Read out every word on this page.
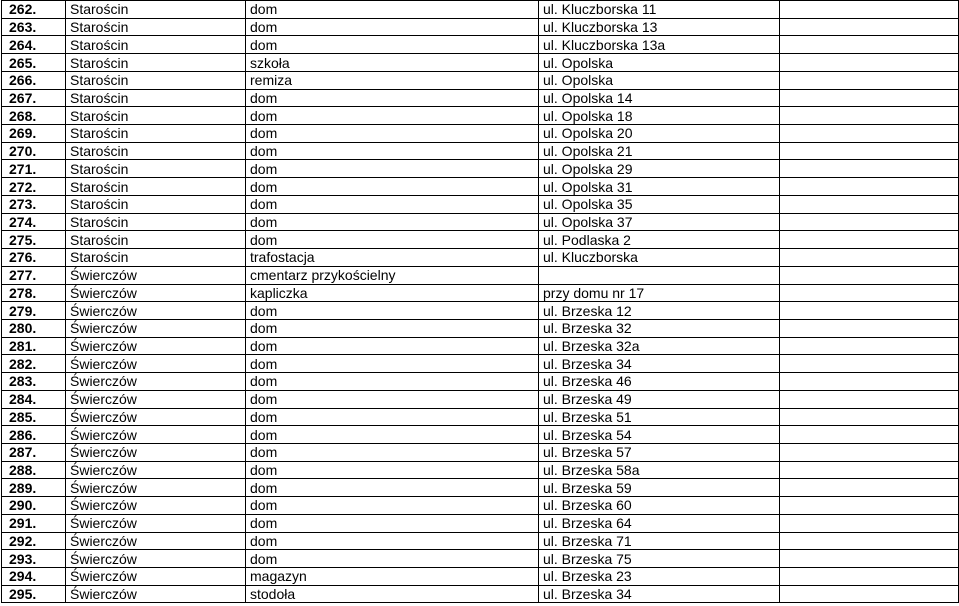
262.	Starościn	dom	ul. Kluczborska 11	
263.	Starościn	dom	ul. Kluczborska 13	
264.	Starościn	dom	ul. Kluczborska 13a	
265.	Starościn	szkoła	ul. Opolska	
266.	Starościn	remiza	ul. Opolska	
267.	Starościn	dom	ul. Opolska 14	
268.	Starościn	dom	ul. Opolska 18	
269.	Starościn	dom	ul. Opolska 20	
270.	Starościn	dom	ul. Opolska 21	
271.	Starościn	dom	ul. Opolska 29	
272.	Starościn	dom	ul. Opolska 31	
273.	Starościn	dom	ul. Opolska 35	
274.	Starościn	dom	ul. Opolska 37	
275.	Starościn	dom	ul. Podlaska 2	
276.	Starościn	trafostacja	ul. Kluczborska	
277.	Świerczów	cmentarz przykościelny		
278.	Świerczów	kapliczka	przy domu nr 17	
279.	Świerczów	dom	ul. Brzeska 12	
280.	Świerczów	dom	ul. Brzeska 32	
281.	Świerczów	dom	ul. Brzeska 32a	
282.	Świerczów	dom	ul. Brzeska 34	
283.	Świerczów	dom	ul. Brzeska 46	
284.	Świerczów	dom	ul. Brzeska 49	
285.	Świerczów	dom	ul. Brzeska 51	
286.	Świerczów	dom	ul. Brzeska 54	
287.	Świerczów	dom	ul. Brzeska 57	
288.	Świerczów	dom	ul. Brzeska 58a	
289.	Świerczów	dom	ul. Brzeska 59	
290.	Świerczów	dom	ul. Brzeska 60	
291.	Świerczów	dom	ul. Brzeska 64	
292.	Świerczów	dom	ul. Brzeska 71	
293.	Świerczów	dom	ul. Brzeska 75	
294.	Świerczów	magazyn	ul. Brzeska 23	
295.	Świerczów	stodoła	ul. Brzeska 34	
